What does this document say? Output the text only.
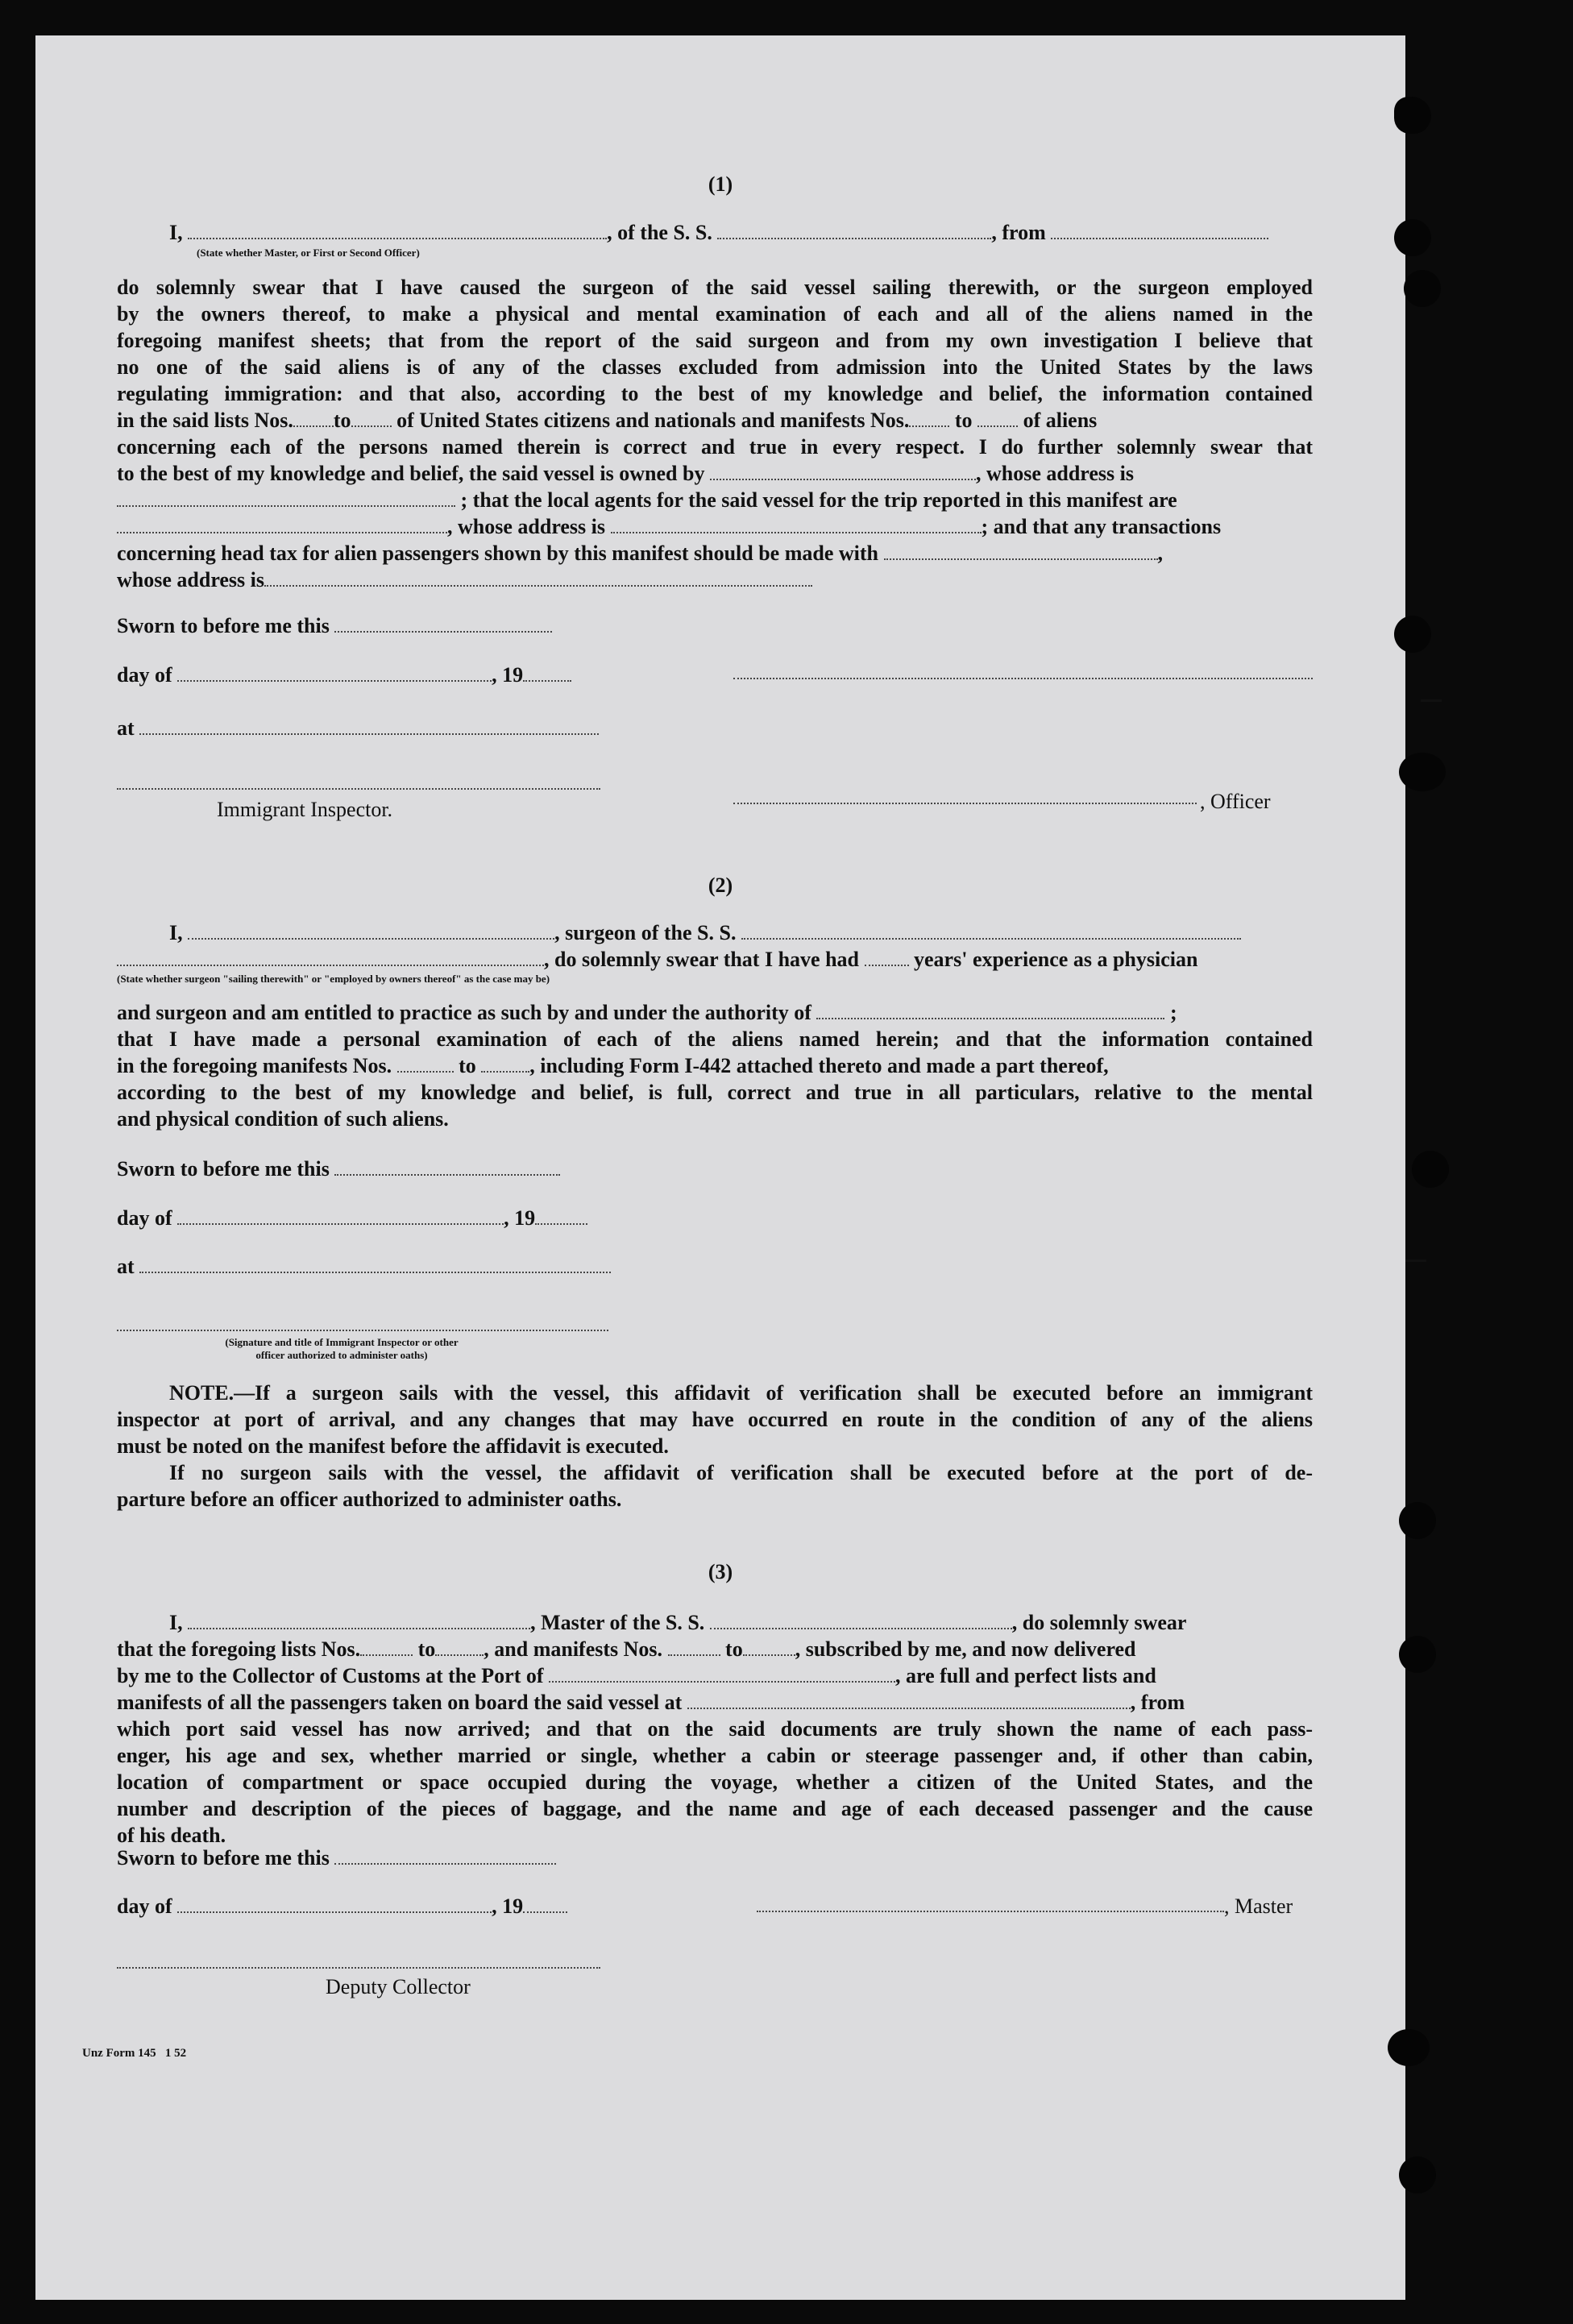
(1)
I,	, of the S. S.	, from
(State whether Master, or First or Second Officer)
do solemnly swear that I have caused the surgeon of the said vessel sailing therewith, or the surgeon employed
by the owners thereof, to make a physical and mental examination of each and all of the aliens named in the
foregoing manifest sheets; that from the report of the said surgeon and from my own investigation I believe that
no one of the said aliens is of any of the classes excluded from admission into the United States by the laws
regulating immigration: and that also, according to the best of my knowledge and belief, the information contained
in the said lists Nos. to of United States citizens and nationals and manifests Nos. to of aliens
concerning each of the persons named therein is correct and true in every respect. I do further solemnly swear that
to the best of my knowledge and belief, the said vessel is owned by	, whose address is
; that the local agents for the said vessel for the trip reported in this manifest are
, whose address is	; and that any transactions
concerning head tax for alien passengers shown by this manifest should be made with	,
whose address is
Sworn to before me this
day of	, 19
at
Immigrant Inspector.	, Officer
(2)
I,	, surgeon of the S. S.
, do solemnly swear that I have had	years' experience as a physician
(State whether surgeon "sailing therewith" or "employed by owners thereof" as the case may be)
and surgeon and am entitled to practice as such by and under the authority of	;
that I have made a personal examination of each of the aliens named herein; and that the information contained
in the foregoing manifests Nos.	to	, including Form I-442 attached thereto and made a part thereof,
according to the best of my knowledge and belief, is full, correct and true in all particulars, relative to the mental
and physical condition of such aliens.
Sworn to before me this
day of	, 19
at
(Signature and title of Immigrant Inspector or other
officer authorized to administer oaths)
NOTE.—If a surgeon sails with the vessel, this affidavit of verification shall be executed before an immigrant
inspector at port of arrival, and any changes that may have occurred en route in the condition of any of the aliens
must be noted on the manifest before the affidavit is executed.
If no surgeon sails with the vessel, the affidavit of verification shall be executed before at the port of de-
parture before an officer authorized to administer oaths.
(3)
I,	, Master of the S. S.	, do solemnly swear
that the foregoing lists Nos.	to , and manifests Nos.	to	, subscribed by me, and now delivered
by me to the Collector of Customs at the Port of	, are full and perfect lists and
manifests of all the passengers taken on board the said vessel at	, from
which port said vessel has now arrived; and that on the said documents are truly shown the name of each pass-
enger, his age and sex, whether married or single, whether a cabin or steerage passenger and, if other than cabin,
location of compartment or space occupied during the voyage, whether a citizen of the United States, and the
number and description of the pieces of baggage, and the name and age of each deceased passenger and the cause
of his death.
Sworn to before me this
day of	, 19	, Master
Deputy Collector
Unz Form 145   1 52
